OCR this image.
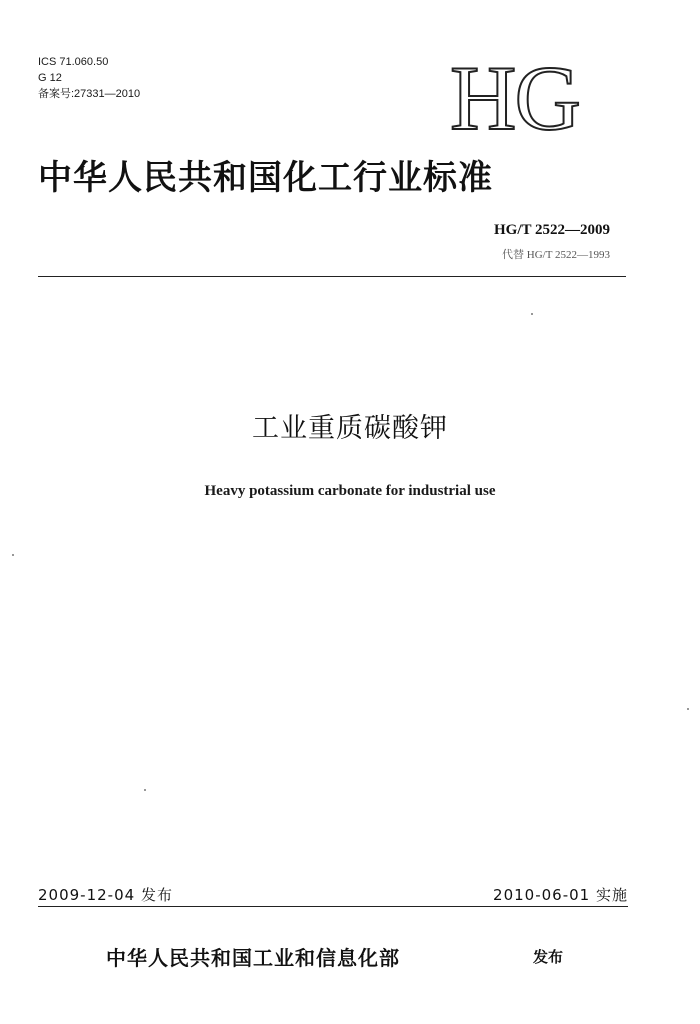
ICS 71.060.50
G 12
备案号:27331—2010	HG
中华人民共和国化工行业标准
HG/T 2522—2009
代替 HG/T 2522—1993
工业重质碳酸钾
Heavy potassium carbonate for industrial use
2009-12-04 发布	2010-06-01 实施
中华人民共和国工业和信息化部	发布
